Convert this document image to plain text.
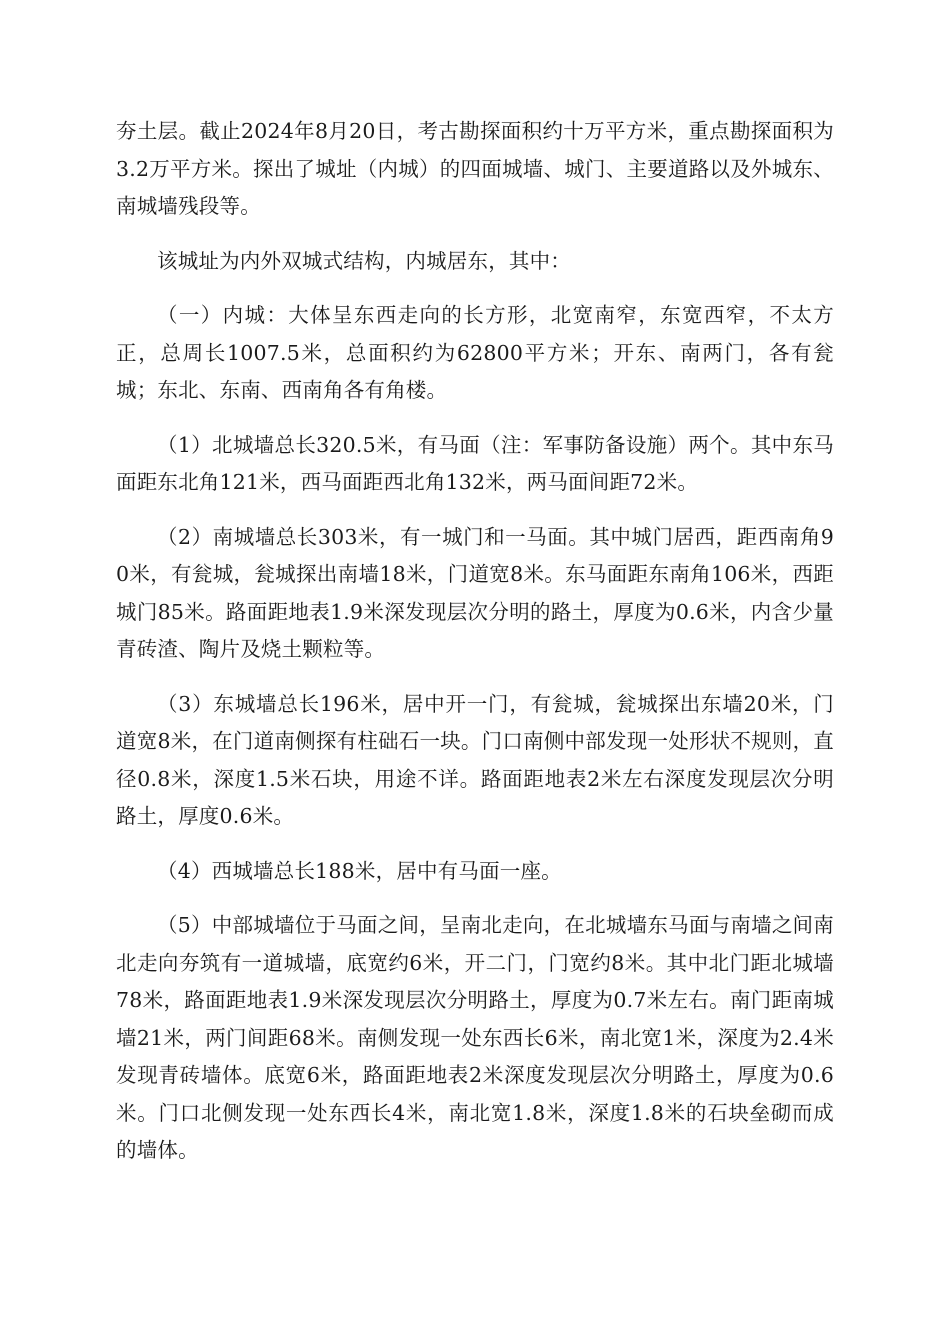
夯土层。截止2024年8月20日，考古勘探面积约十万平方米，重点勘探面积为3.2万平方米。探出了城址（内城）的四面城墙、城门、主要道路以及外城东、南城墙残段等。

该城址为内外双城式结构，内城居东，其中：

（一）内城：大体呈东西走向的长方形，北宽南窄，东宽西窄，不太方正，总周长1007.5米，总面积约为62800平方米；开东、南两门，各有瓮城；东北、东南、西南角各有角楼。

（1）北城墙总长320.5米，有马面（注：军事防备设施）两个。其中东马面距东北角121米，西马面距西北角132米，两马面间距72米。

（2）南城墙总长303米，有一城门和一马面。其中城门居西，距西南角90米，有瓮城，瓮城探出南墙18米，门道宽8米。东马面距东南角106米，西距城门85米。路面距地表1.9米深发现层次分明的路土，厚度为0.6米，内含少量青砖渣、陶片及烧土颗粒等。

（3）东城墙总长196米，居中开一门，有瓮城，瓮城探出东墙20米，门道宽8米，在门道南侧探有柱础石一块。门口南侧中部发现一处形状不规则，直径0.8米，深度1.5米石块，用途不详。路面距地表2米左右深度发现层次分明路土，厚度0.6米。

（4）西城墙总长188米，居中有马面一座。

（5）中部城墙位于马面之间，呈南北走向，在北城墙东马面与南墙之间南北走向夯筑有一道城墙，底宽约6米，开二门，门宽约8米。其中北门距北城墙78米，路面距地表1.9米深发现层次分明路土，厚度为0.7米左右。南门距南城墙21米，两门间距68米。南侧发现一处东西长6米，南北宽1米，深度为2.4米发现青砖墙体。底宽6米，路面距地表2米深度发现层次分明路土，厚度为0.6米。门口北侧发现一处东西长4米，南北宽1.8米，深度1.8米的石块垒砌而成的墙体。
